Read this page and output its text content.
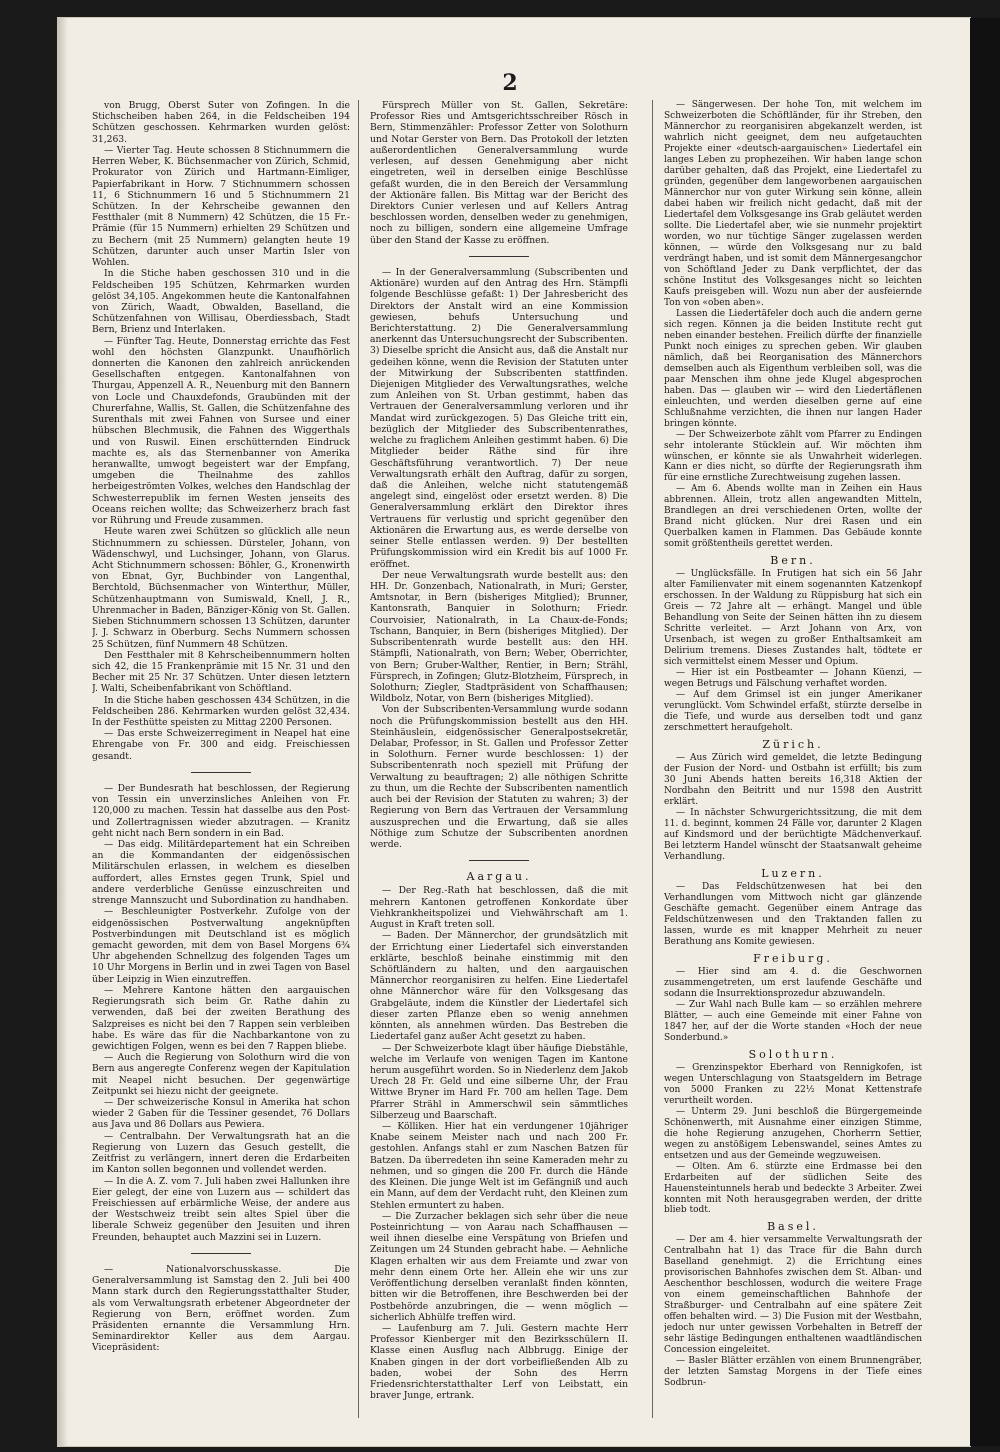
2

von Brugg, Oberst Suter von Zofingen. In die Stichscheiben haben 264, in die Feldscheiben 194 Schützen geschossen. Kehrmarken wurden gelöst: 31,263.

— Vierter Tag. Heute schossen 8 Stichnummern die Herren Weber, K. Büchsenmacher von Zürich, Schmid, Prokurator von Zürich und Hartmann-Eimliger, Papierfabrikant in Horw. 7 Stichnummern schossen 11, 6 Stichnummern 16 und 5 Stichnummern 21 Schützen. In der Kehrscheibe gewannen den Festthaler (mit 8 Nummern) 42 Schützen, die 15 Fr.-Prämie (für 15 Nummern) erhielten 29 Schützen und zu Bechern (mit 25 Nummern) gelangten heute 19 Schützen, darunter auch unser Martin Isler von Wohlen.

In die Stiche haben geschossen 310 und in die Feldscheiben 195 Schützen, Kehrmarken wurden gelöst 34,105. Angekommen heute die Kantonalfahnen von Zürich, Waadt, Obwalden, Baselland, die Schützenfahnen von Willisau, Oberdiessbach, Stadt Bern, Brienz und Interlaken.

— Fünfter Tag. Heute, Donnerstag errichte das Fest wohl den höchsten Glanzpunkt. Unaufhörlich donnerten die Kanonen den zahlreich anrückenden Gesellschaften entgegen. Kantonalfahnen von Thurgau, Appenzell A. R., Neuenburg mit den Bannern von Locle und Chauxdefonds, Graubünden mit der Churerfahne, Wallis, St. Gallen, die Schützenfahne des Surenthals mit zwei Fahnen von Sursee und einer hübschen Blechmusik, die Fahnen des Wiggerthals und von Ruswil. Einen erschütternden Eindruck machte es, als das Sternenbanner von Amerika heranwallte, umwogt begeistert war der Empfang, umgeben die Theilnahme des zahllos herbeigeströmten Volkes, welches den Handschlag der Schwesterrepublik im fernen Westen jenseits des Oceans reichen wollte; das Schweizerherz brach fast vor Rührung und Freude zusammen.

Heute waren zwei Schützen so glücklich alle neun Stichnummern zu schiessen. Dürsteler, Johann, von Wädenschwyl, und Luchsinger, Johann, von Glarus. Acht Stichnummern schossen: Böhler, G., Kronenwirth von Ebnat, Gyr, Buchbinder von Langenthal, Berchtold, Büchsenmacher von Winterthur, Müller, Schützenhauptmann von Sumiswald, Knell, J. R., Uhrenmacher in Baden, Bänziger-König von St. Gallen. Sieben Stichnummern schossen 13 Schützen, darunter J. J. Schwarz in Oberburg. Sechs Nummern schossen 25 Schützen, fünf Nummern 48 Schützen.

Den Festthaler mit 8 Kehrscheibennummern holten sich 42, die 15 Frankenprämie mit 15 Nr. 31 und den Becher mit 25 Nr. 37 Schützen. Unter diesen letztern J. Walti, Scheibenfabrikant von Schöftland.

In die Stiche haben geschossen 434 Schützen, in die Feldscheiben 286. Kehrmarken wurden gelöst 32,434. In der Festhütte speisten zu Mittag 2200 Personen.

— Das erste Schweizerregiment in Neapel hat eine Ehrengabe von Fr. 300 and eidg. Freischiessen gesandt.

— Der Bundesrath hat beschlossen, der Regierung von Tessin ein unverzinsliches Anleihen von Fr. 120,000 zu machen. Tessin hat dasselbe aus den Post- und Zollertragnissen wieder abzutragen. — Kranitz geht nicht nach Bern sondern in ein Bad.

— Das eidg. Militärdepartement hat ein Schreiben an die Kommandanten der eidgenössischen Militärschulen erlassen, in welchem es dieselben auffordert, alles Ernstes gegen Trunk, Spiel und andere verderbliche Genüsse einzuschreiten und strenge Mannszucht und Subordination zu handhaben.

— Beschleunigter Postverkehr. Zufolge von der eidgenössischen Postverwaltung angeknüpften Postverbindungen mit Deutschland ist es möglich gemacht geworden, mit dem von Basel Morgens 6¾ Uhr abgehenden Schnellzug des folgenden Tages um 10 Uhr Morgens in Berlin und in zwei Tagen von Basel über Leipzig in Wien einzutreffen.

— Mehrere Kantone hätten den aargauischen Regierungsrath sich beim Gr. Rathe dahin zu verwenden, daß bei der zweiten Berathung des Salzpreises es nicht bei den 7 Rappen sein verbleiben habe. Es wäre das für die Nachbarkantone von zu gewichtigen Folgen, wenn es bei den 7 Rappen bliebe.

— Auch die Regierung von Solothurn wird die von Bern aus angeregte Conferenz wegen der Kapitulation mit Neapel nicht besuchen. Der gegenwärtige Zeitpunkt sei hiezu nicht der geeignete.

— Der schweizerische Konsul in Amerika hat schon wieder 2 Gaben für die Tessiner gesendet, 76 Dollars aus Java und 86 Dollars aus Pewiera.

— Centralbahn. Der Verwaltungsrath hat an die Regierung von Luzern das Gesuch gestellt, die Zeitfrist zu verlängern, innert deren die Erdarbeiten im Kanton sollen begonnen und vollendet werden.

— In die A. Z. vom 7. Juli haben zwei Hallunken ihre Eier gelegt, der eine von Luzern aus — schildert das Freischiessen auf erbärmliche Weise, der andere aus der Westschweiz treibt sein altes Spiel über die liberale Schweiz gegenüber den Jesuiten und ihren Freunden, behauptet auch Mazzini sei in Luzern.

— Nationalvorschusskasse. Die Generalversammlung ist Samstag den 2. Juli bei 400 Mann stark durch den Regierungsstatthalter Studer, als vom Verwaltungsrath erbetener Abgeordneter der Regierung von Bern, eröffnet worden. Zum Präsidenten ernannte die Versammlung Hrn. Seminardirektor Keller aus dem Aargau. Vicepräsident:

Fürsprech Müller von St. Gallen, Sekretäre: Professor Ries und Amtsgerichtsschreiber Rösch in Bern, Stimmenzähler: Professor Zetter von Solothurn und Notar Gerster von Bern. Das Protokoll der letzten außerordentlichen Generalversammlung wurde verlesen, auf dessen Genehmigung aber nicht eingetreten, weil in derselben einige Beschlüsse gefaßt wurden, die in den Bereich der Versammlung der Aktionäre fallen. Bis Mittag war der Bericht des Direktors Cunier verlesen und auf Kellers Antrag beschlossen worden, denselben weder zu genehmigen, noch zu billigen, sondern eine allgemeine Umfrage über den Stand der Kasse zu eröffnen.

— In der Generalversammlung (Subscribenten und Aktionäre) wurden auf den Antrag des Hrn. Stämpfli folgende Beschlüsse gefaßt: 1) Der Jahresbericht des Direktors der Anstalt wird an eine Kommission gewiesen, behufs Untersuchung und Berichterstattung. 2) Die Generalversammlung anerkennt das Untersuchungsrecht der Subscribenten. 3) Dieselbe spricht die Ansicht aus, daß die Anstalt nur gedeihen könne, wenn die Revision der Statuten unter der Mitwirkung der Subscribenten stattfinden. Diejenigen Mitglieder des Verwaltungsrathes, welche zum Anleihen von St. Urban gestimmt, haben das Vertrauen der Generalversammlung verloren und ihr Mandat wird zurückgezogen. 5) Das Gleiche tritt ein, bezüglich der Mitglieder des Subscribentenrathes, welche zu fraglichem Anleihen gestimmt haben. 6) Die Mitglieder beider Räthe sind für ihre Geschäftsführung verantwortlich. 7) Der neue Verwaltungsrath erhält den Auftrag, dafür zu sorgen, daß die Anleihen, welche nicht statutengemäß angelegt sind, eingelöst oder ersetzt werden. 8) Die Generalversammlung erklärt den Direktor ihres Vertrauens für verlustig und spricht gegenüber den Aktionären die Erwartung aus, es werde derselbe von seiner Stelle entlassen werden. 9) Der bestellten Prüfungskommission wird ein Kredit bis auf 1000 Fr. eröffnet.

Der neue Verwaltungsrath wurde bestellt aus: den HH. Dr. Gonzenbach, Nationalrath, in Muri; Gerster, Amtsnotar, in Bern (bisheriges Mitglied); Brunner, Kantonsrath, Banquier in Solothurn; Friedr. Courvoisier, Nationalrath, in La Chaux-de-Fonds; Tschann, Banquier, in Bern (bisheriges Mitglied). Der Subscribentenrath wurde bestellt aus: den HH. Stämpfli, Nationalrath, von Bern; Weber, Oberrichter, von Bern; Gruber-Walther, Rentier, in Bern; Strähl, Fürsprech, in Zofingen; Glutz-Blotzheim, Fürsprech, in Solothurn; Ziegler, Stadtpräsident von Schaffhausen; Wildbolz, Notar, von Bern (bisheriges Mitglied).

Von der Subscribenten-Versammlung wurde sodann noch die Prüfungskommission bestellt aus den HH. Steinhäuslein, eidgenössischer Generalpostsekretär, Delabar, Professor, in St. Gallen und Professor Zetter in Solothurn. Ferner wurde beschlossen: 1) der Subscribentenrath noch speziell mit Prüfung der Verwaltung zu beauftragen; 2) alle nöthigen Schritte zu thun, um die Rechte der Subscribenten namentlich auch bei der Revision der Statuten zu wahren; 3) der Regierung von Bern das Vertrauen der Versammlung auszusprechen und die Erwartung, daß sie alles Nöthige zum Schutze der Subscribenten anordnen werde.

Aargau.

— Der Reg.-Rath hat beschlossen, daß die mit mehrern Kantonen getroffenen Konkordate über Viehkrankheitspolizei und Viehwährschaft am 1. August in Kraft treten soll.

— Baden. Der Männerchor, der grundsätzlich mit der Errichtung einer Liedertafel sich einverstanden erklärte, beschloß beinahe einstimmig mit den Schöftländern zu halten, und den aargauischen Männerchor reorganisiren zu helfen. Eine Liedertafel ohne Männerchor wäre für den Volksgesang das Grabgeläute, indem die Künstler der Liedertafel sich dieser zarten Pflanze eben so wenig annehmen könnten, als annehmen würden. Das Bestreben die Liedertafel ganz außer Acht gesetzt zu haben.

— Der Schweizerbote klagt über häufige Diebstähle, welche im Verlaufe von wenigen Tagen im Kantone herum ausgeführt worden. So in Niederlenz dem Jakob Urech 28 Fr. Geld und eine silberne Uhr, der Frau Wittwe Bryner im Hard Fr. 700 am hellen Tage. Dem Pfarrer Strähl in Ammerschwil sein sämmtliches Silberzeug und Baarschaft.

— Kölliken. Hier hat ein verdungener 10jähriger Knabe seinem Meister nach und nach 200 Fr. gestohlen. Anfangs stahl er zum Naschen Batzen für Batzen. Da überredeten ihn seine Kameraden mehr zu nehmen, und so gingen die 200 Fr. durch die Hände des Kleinen. Die junge Welt ist im Gefängniß und auch ein Mann, auf dem der Verdacht ruht, den Kleinen zum Stehlen ermuntert zu haben.

— Die Zurzacher beklagen sich sehr über die neue Posteinrichtung — von Aarau nach Schaffhausen — weil ihnen dieselbe eine Verspätung von Briefen und Zeitungen um 24 Stunden gebracht habe. — Aehnliche Klagen erhalten wir aus dem Freiamte und zwar von mehr denn einem Orte her. Allein ehe wir uns zur Veröffentlichung derselben veranlaßt finden könnten, bitten wir die Betroffenen, ihre Beschwerden bei der Postbehörde anzubringen, die — wenn möglich — sicherlich Abhülfe treffen wird.

— Laufenburg am 7. Juli. Gestern machte Herr Professor Kienberger mit den Bezirksschülern II. Klasse einen Ausflug nach Albbrugg. Einige der Knaben gingen in der dort vorbeifließenden Alb zu baden, wobei der Sohn des Herrn Friedensrichterstatthalter Lerf von Leibstatt, ein braver Junge, ertrank.

— Sängerwesen. Der hohe Ton, mit welchem im Schweizerboten die Schöftländer, für ihr Streben, den Männerchor zu reorganisiren abgekanzelt werden, ist wahrlich nicht geeignet, dem neu aufgetauchten Projekte einer «deutsch-aargauischen» Liedertafel ein langes Leben zu prophezeihen. Wir haben lange schon darüber gehalten, daß das Projekt, eine Liedertafel zu gründen, gegenüber dem langeworbenen aargauischen Männerchor nur von guter Wirkung sein könne, allein dabei haben wir freilich nicht gedacht, daß mit der Liedertafel dem Volksgesange ins Grab geläutet werden sollte. Die Liedertafel aber, wie sie nunmehr projektirt worden, wo nur tüchtige Sänger zugelassen werden können, — würde den Volksgesang nur zu bald verdrängt haben, und ist somit dem Männergesangchor von Schöftland Jeder zu Dank verpflichtet, der das schöne Institut des Volksgesanges nicht so leichten Kaufs preisgeben will. Wozu nun aber der ausfeiernde Ton von «oben aben».

Lassen die Liedertäfeler doch auch die andern gerne sich regen. Können ja die beiden Institute recht gut neben einander bestehen. Freilich dürfte der finanzielle Punkt noch einiges zu sprechen geben. Wir glauben nämlich, daß bei Reorganisation des Männerchors demselben auch als Eigenthum verbleiben soll, was die paar Menschen ihm ohne jede Klugel abgesprochen haben. Das — glauben wir — wird den Liedertäflenen einleuchten, und werden dieselben gerne auf eine Schlußnahme verzichten, die ihnen nur langen Hader bringen könnte.

— Der Schweizerbote zählt vom Pfarrer zu Endingen sehr intolerante Stücklein auf. Wir möchten ihm wünschen, er könnte sie als Unwahrheit widerlegen. Kann er dies nicht, so dürfte der Regierungsrath ihm für eine ernstliche Zurechtweisung zugehen lassen.

— Am 6. Abends wollte man in Zeihen ein Haus abbrennen. Allein, trotz allen angewandten Mitteln, Brandlegen an drei verschiedenen Orten, wollte der Brand nicht glücken. Nur drei Rasen und ein Querbalken kamen in Flammen. Das Gebäude konnte somit größtentheils gerettet werden.

Bern.

— Unglücksfälle. In Frutigen hat sich ein 56 Jahr alter Familienvater mit einem sogenannten Katzenkopf erschossen. In der Waldung zu Rüppisburg hat sich ein Greis — 72 Jahre alt — erhängt. Mangel und üble Behandlung von Seite der Seinen hätten ihn zu diesem Schritte verleitet. — Arzt Johann von Arx, von Ursenbach, ist wegen zu großer Enthaltsamkeit am Delirium tremens. Dieses Zustandes halt, tödtete er sich vermittelst einem Messer und Opium.

— Hier ist ein Postbeamter — Johann Küenzi, — wegen Betrugs und Fälschung verhaftet worden.

— Auf dem Grimsel ist ein junger Amerikaner verunglückt. Vom Schwindel erfaßt, stürzte derselbe in die Tiefe, und wurde aus derselben todt und ganz zerschmettert heraufgeholt.

Zürich.

— Aus Zürich wird gemeldet, die letzte Bedingung der Fusion der Nord- und Ostbahn ist erfüllt; bis zum 30 Juni Abends hatten bereits 16,318 Aktien der Nordbahn den Beitritt und nur 1598 den Austritt erklärt.

— In nächster Schwurgerichtssitzung, die mit dem 11. d. beginnt, kommen 24 Fälle vor, darunter 2 Klagen auf Kindsmord und der berüchtigte Mädchenverkauf. Bei letzterm Handel wünscht der Staatsanwalt geheime Verhandlung.

Luzern.

— Das Feldschützenwesen hat bei den Verhandlungen vom Mittwoch nicht gar glänzende Geschäfte gemacht. Gegenüber einem Antrage das Feldschützenwesen und den Traktanden fallen zu lassen, wurde es mit knapper Mehrheit zu neuer Berathung ans Komite gewiesen.

Freiburg.

— Hier sind am 4. d. die Geschwornen zusammengetreten, um erst laufende Geschäfte und sodann die Insurrektionsprozedur abzuwandeln.

— Zur Wahl nach Bulle kam — so erzählen mehrere Blätter, — auch eine Gemeinde mit einer Fahne von 1847 her, auf der die Worte standen «Hoch der neue Sonderbund.»

Solothurn.

— Grenzinspektor Eberhard von Rennigkofen, ist wegen Unterschlagung von Staatsgeldern im Betrage von 5000 Franken zu 22½ Monat Kettenstrafe verurtheilt worden.

— Unterm 29. Juni beschloß die Bürgergemeinde Schönenwerth, mit Ausnahme einer einzigen Stimme, die hohe Regierung anzugehen, Chorherrn Settier, wegen zu anstößigem Lebenswandel, seines Amtes zu entsetzen und aus der Gemeinde wegzuweisen.

— Olten. Am 6. stürzte eine Erdmasse bei den Erdarbeiten auf der südlichen Seite des Hauensteintunnels herab und bedeckte 3 Arbeiter. Zwei konnten mit Noth herausgegraben werden, der dritte blieb todt.

Basel.

— Der am 4. hier versammelte Verwaltungsrath der Centralbahn hat 1) das Trace für die Bahn durch Baselland genehmigt. 2) die Errichtung eines provisorischen Bahnhofes zwischen dem St. Alban- und Aeschenthor beschlossen, wodurch die weitere Frage von einem gemeinschaftlichen Bahnhofe der Straßburger- und Centralbahn auf eine spätere Zeit offen behalten wird. — 3) Die Fusion mit der Westbahn, jedoch nur unter gewissen Vorbehalten in Betreff der sehr lästige Bedingungen enthaltenen waadtländischen Concession eingeleitet.

— Basler Blätter erzählen von einem Brunnengräber, der letzten Samstag Morgens in der Tiefe eines Sodbrun-
